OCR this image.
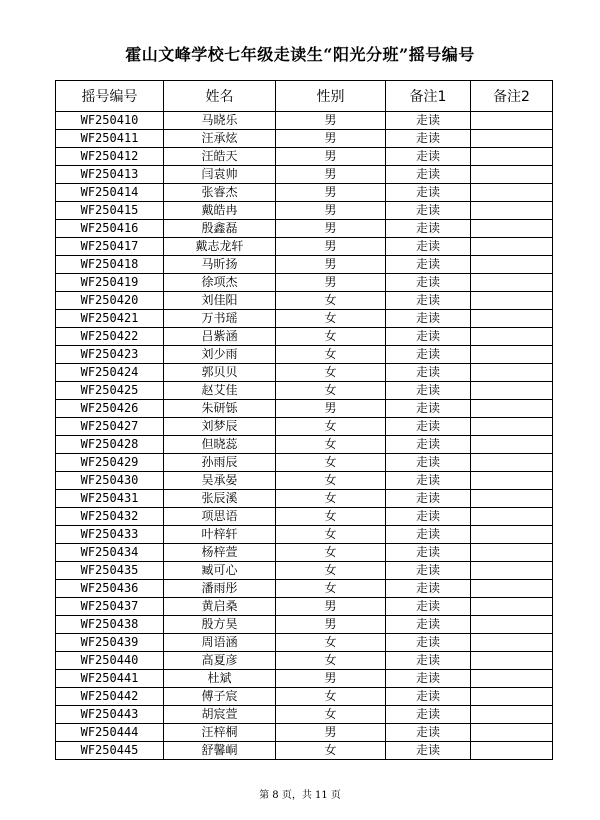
霍山文峰学校七年级走读生“阳光分班”摇号编号
摇号编号	姓名	性别	备注1	备注2
WF250410	马晓乐	男	走读	
WF250411	汪承炫	男	走读	
WF250412	汪皓天	男	走读	
WF250413	闫袁帅	男	走读	
WF250414	张睿杰	男	走读	
WF250415	戴皓冉	男	走读	
WF250416	殷鑫磊	男	走读	
WF250417	戴志龙轩	男	走读	
WF250418	马昕扬	男	走读	
WF250419	徐项杰	男	走读	
WF250420	刘佳阳	女	走读	
WF250421	万书瑶	女	走读	
WF250422	吕紫涵	女	走读	
WF250423	刘少雨	女	走读	
WF250424	郭贝贝	女	走读	
WF250425	赵艾佳	女	走读	
WF250426	朱研铄	男	走读	
WF250427	刘梦辰	女	走读	
WF250428	但晓蕊	女	走读	
WF250429	孙雨辰	女	走读	
WF250430	吴承晏	女	走读	
WF250431	张辰溪	女	走读	
WF250432	项思语	女	走读	
WF250433	叶梓轩	女	走读	
WF250434	杨梓萱	女	走读	
WF250435	臧可心	女	走读	
WF250436	潘雨彤	女	走读	
WF250437	黄启桑	男	走读	
WF250438	殷方昊	男	走读	
WF250439	周语涵	女	走读	
WF250440	高夏彦	女	走读	
WF250441	杜斌	男	走读	
WF250442	傅子宸	女	走读	
WF250443	胡宸萱	女	走读	
WF250444	汪梓桐	男	走读	
WF250445	舒馨峒	女	走读	
第 8 页，共 11 页
